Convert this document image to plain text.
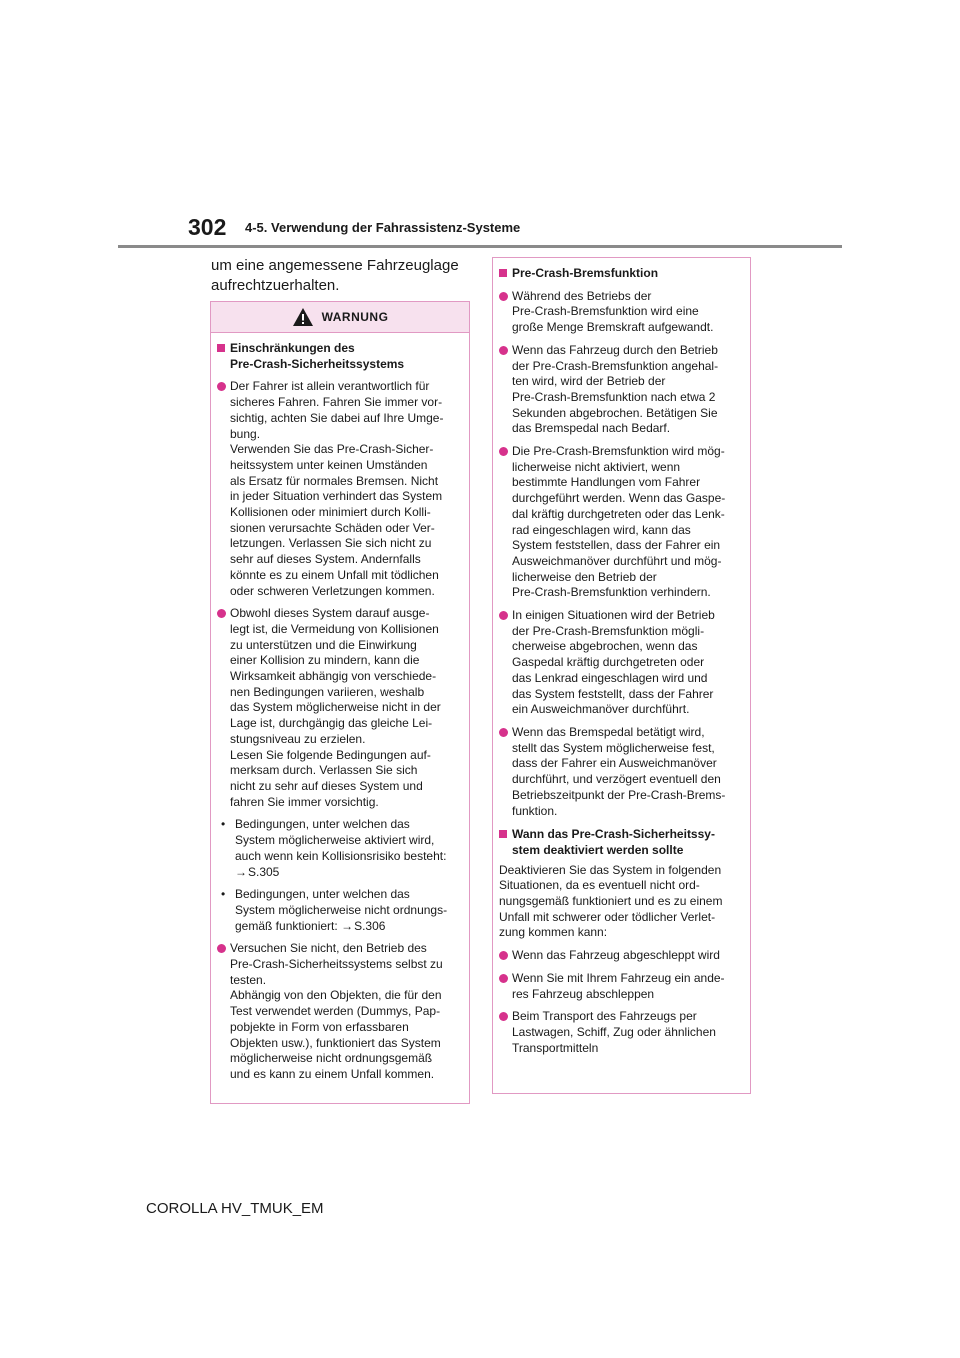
302 4-5. Verwendung der Fahrassistenz-Systeme
um eine angemessene Fahrzeuglage
aufrechtzuerhalten.
WARNUNG
Einschränkungen des
Pre-Crash-Sicherheitssystems
Der Fahrer ist allein verantwortlich für
sicheres Fahren. Fahren Sie immer vor-
sichtig, achten Sie dabei auf Ihre Umge-
bung.
Verwenden Sie das Pre-Crash-Sicher-
heitssystem unter keinen Umständen
als Ersatz für normales Bremsen. Nicht
in jeder Situation verhindert das System
Kollisionen oder minimiert durch Kolli-
sionen verursachte Schäden oder Ver-
letzungen. Verlassen Sie sich nicht zu
sehr auf dieses System. Andernfalls
könnte es zu einem Unfall mit tödlichen
oder schweren Verletzungen kommen.
Obwohl dieses System darauf ausge-
legt ist, die Vermeidung von Kollisionen
zu unterstützen und die Einwirkung
einer Kollision zu mindern, kann die
Wirksamkeit abhängig von verschiede-
nen Bedingungen variieren, weshalb
das System möglicherweise nicht in der
Lage ist, durchgängig das gleiche Lei-
stungsniveau zu erzielen.
Lesen Sie folgende Bedingungen auf-
merksam durch. Verlassen Sie sich
nicht zu sehr auf dieses System und
fahren Sie immer vorsichtig.
• Bedingungen, unter welchen das
System möglicherweise aktiviert wird,
auch wenn kein Kollisionsrisiko besteht:
→S.305
• Bedingungen, unter welchen das
System möglicherweise nicht ordnungs-
gemäß funktioniert: →S.306
Versuchen Sie nicht, den Betrieb des
Pre-Crash-Sicherheitssystems selbst zu
testen.
Abhängig von den Objekten, die für den
Test verwendet werden (Dummys, Pap-
pobjekte in Form von erfassbaren
Objekten usw.), funktioniert das System
möglicherweise nicht ordnungsgemäß
und es kann zu einem Unfall kommen.
Pre-Crash-Bremsfunktion
Während des Betriebs der
Pre-Crash-Bremsfunktion wird eine
große Menge Bremskraft aufgewandt.
Wenn das Fahrzeug durch den Betrieb
der Pre-Crash-Bremsfunktion angehal-
ten wird, wird der Betrieb der
Pre-Crash-Bremsfunktion nach etwa 2
Sekunden abgebrochen. Betätigen Sie
das Bremspedal nach Bedarf.
Die Pre-Crash-Bremsfunktion wird mög-
licherweise nicht aktiviert, wenn
bestimmte Handlungen vom Fahrer
durchgeführt werden. Wenn das Gaspe-
dal kräftig durchgetreten oder das Lenk-
rad eingeschlagen wird, kann das
System feststellen, dass der Fahrer ein
Ausweichmanöver durchführt und mög-
licherweise den Betrieb der
Pre-Crash-Bremsfunktion verhindern.
In einigen Situationen wird der Betrieb
der Pre-Crash-Bremsfunktion mögli-
cherweise abgebrochen, wenn das
Gaspedal kräftig durchgetreten oder
das Lenkrad eingeschlagen wird und
das System feststellt, dass der Fahrer
ein Ausweichmanöver durchführt.
Wenn das Bremspedal betätigt wird,
stellt das System möglicherweise fest,
dass der Fahrer ein Ausweichmanöver
durchführt, und verzögert eventuell den
Betriebszeitpunkt der Pre-Crash-Brems-
funktion.
Wann das Pre-Crash-Sicherheitssy-
stem deaktiviert werden sollte
Deaktivieren Sie das System in folgenden
Situationen, da es eventuell nicht ord-
nungsgemäß funktioniert und es zu einem
Unfall mit schwerer oder tödlicher Verlet-
zung kommen kann:
Wenn das Fahrzeug abgeschleppt wird
Wenn Sie mit Ihrem Fahrzeug ein ande-
res Fahrzeug abschleppen
Beim Transport des Fahrzeugs per
Lastwagen, Schiff, Zug oder ähnlichen
Transportmitteln
COROLLA HV_TMUK_EM
